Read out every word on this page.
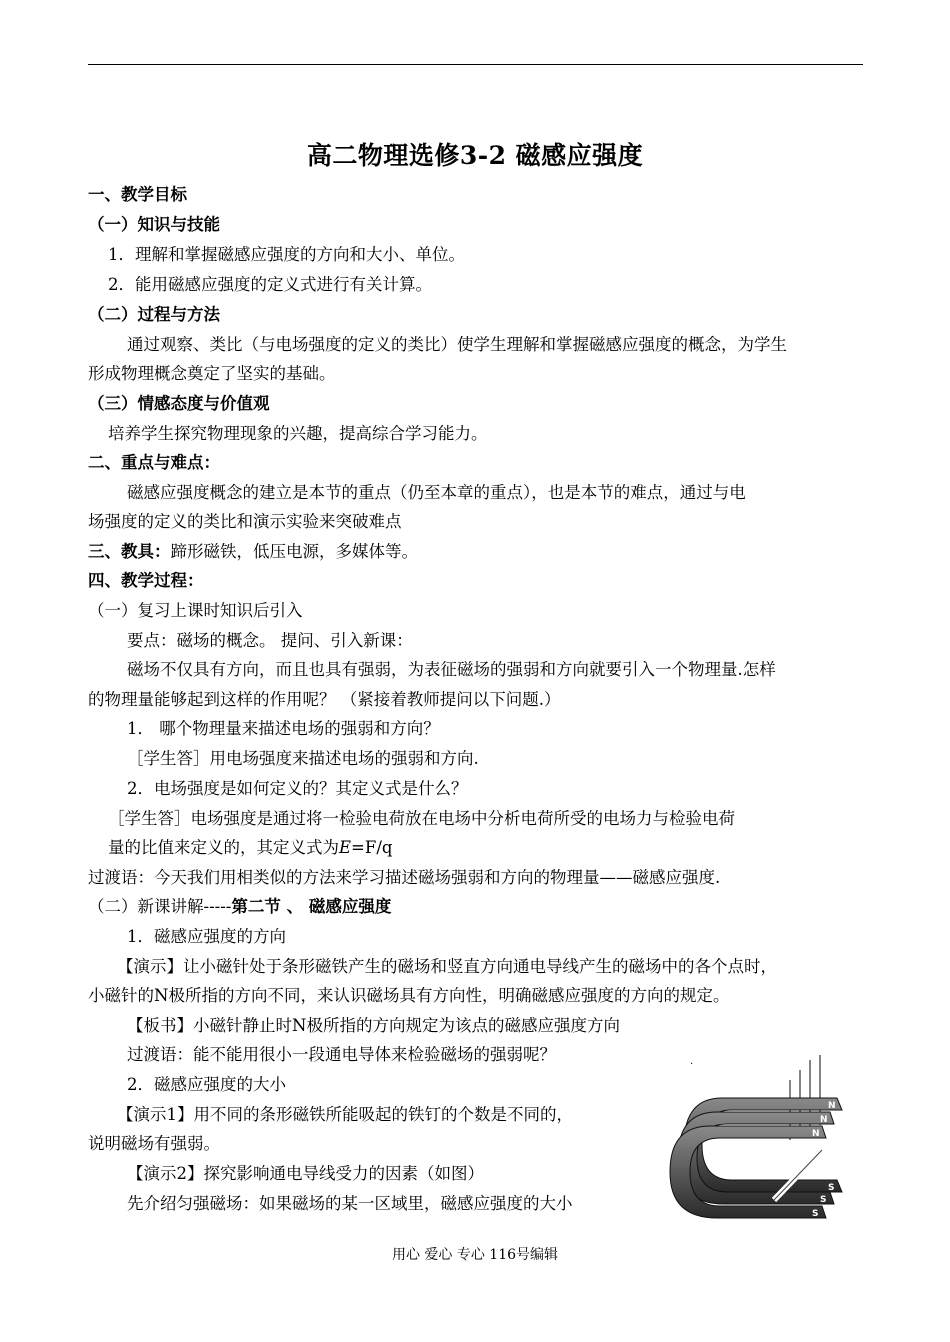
高二物理选修3-2 磁感应强度
一、教学目标
（一）知识与技能
1．理解和掌握磁感应强度的方向和大小、单位。
2．能用磁感应强度的定义式进行有关计算。
（二）过程与方法
通过观察、类比（与电场强度的定义的类比）使学生理解和掌握磁感应强度的概念，为学生
形成物理概念奠定了坚实的基础。
（三）情感态度与价值观
培养学生探究物理现象的兴趣，提高综合学习能力。
二、重点与难点：
磁感应强度概念的建立是本节的重点（仍至本章的重点），也是本节的难点，通过与电
场强度的定义的类比和演示实验来突破难点
三、教具：蹄形磁铁，低压电源，多媒体等。
四、教学过程：
（一）复习上课时知识后引入
要点：磁场的概念。 提问、引入新课：
磁场不仅具有方向，而且也具有强弱，为表征磁场的强弱和方向就要引入一个物理量.怎样
的物理量能够起到这样的作用呢？ （紧接着教师提问以下问题.）
1． 哪个物理量来描述电场的强弱和方向？
［学生答］用电场强度来描述电场的强弱和方向.
2．电场强度是如何定义的？其定义式是什么？
［学生答］电场强度是通过将一检验电荷放在电场中分析电荷所受的电场力与检验电荷
量的比值来定义的，其定义式为E=F/q
过渡语：今天我们用相类似的方法来学习描述磁场强弱和方向的物理量——磁感应强度.
（二）新课讲解-----第二节 、 磁感应强度
1．磁感应强度的方向
【演示】让小磁针处于条形磁铁产生的磁场和竖直方向通电导线产生的磁场中的各个点时，
小磁针的N极所指的方向不同，来认识磁场具有方向性，明确磁感应强度的方向的规定。
【板书】小磁针静止时N极所指的方向规定为该点的磁感应强度方向
过渡语：能不能用很小一段通电导体来检验磁场的强弱呢？
2．磁感应强度的大小
【演示1】用不同的条形磁铁所能吸起的铁钉的个数是不同的，
说明磁场有强弱。
【演示2】探究影响通电导线受力的因素（如图）
先介绍匀强磁场：如果磁场的某一区域里，磁感应强度的大小
.
N
N
N
S
S
S
用心 爱心 专心 116号编辑
